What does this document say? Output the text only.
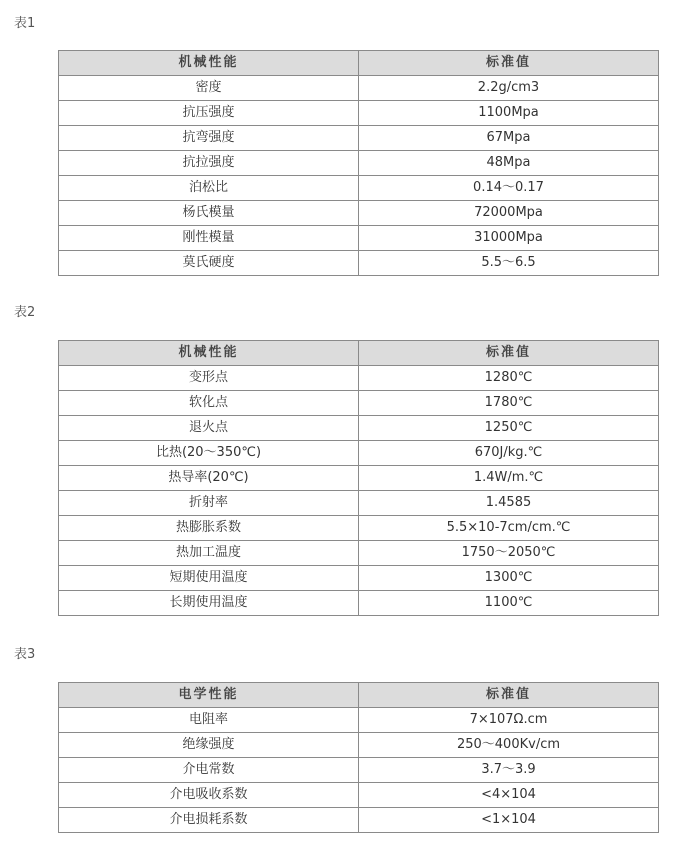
表1
机械性能	标准值
密度	2.2g/cm3
抗压强度	1100Mpa
抗弯强度	67Mpa
抗拉强度	48Mpa
泊松比	0.14～0.17
杨氏模量	72000Mpa
刚性模量	31000Mpa
莫氏硬度	5.5～6.5
表2
机械性能	标准值
变形点	1280℃
软化点	1780℃
退火点	1250℃
比热(20～350℃)	670J/kg.℃
热导率(20℃)	1.4W/m.℃
折射率	1.4585
热膨胀系数	5.5×10-7cm/cm.℃
热加工温度	1750～2050℃
短期使用温度	1300℃
长期使用温度	1100℃
表3
电学性能	标准值
电阻率	7×107Ω.cm
绝缘强度	250～400Kv/cm
介电常数	3.7～3.9
介电吸收系数	<4×104
介电损耗系数	<1×104
